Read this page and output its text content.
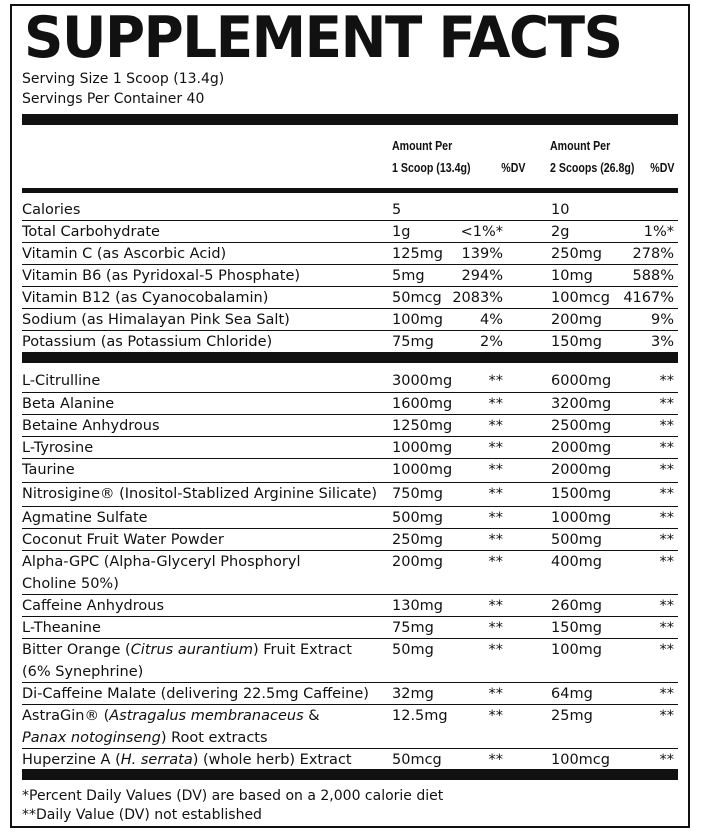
SUPPLEMENT FACTS
Serving Size 1 Scoop (13.4g)
Servings Per Container 40
Amount Per
1 Scoop (13.4g) %DV
Amount Per
2 Scoops (26.8g) %DV
Calories	5	10
Total Carbohydrate	1g	<1%*	2g	1%*
Vitamin C (as Ascorbic Acid)	125mg 139%	250mg 278%
Vitamin B6 (as Pyridoxal-5 Phosphate)	5mg	294%	10mg	588%
Vitamin B12 (as Cyanocobalamin)	50mcg 2083%	100mcg 4167%
Sodium (as Himalayan Pink Sea Salt)	100mg	4%	200mg	9%
Potassium (as Potassium Chloride)	75mg	2%	150mg	3%
L-Citrulline	3000mg	**	6000mg	**
Beta Alanine	1600mg	**	3200mg	**
Betaine Anhydrous	1250mg	**	2500mg	**
L-Tyrosine	1000mg	**	2000mg	**
Taurine	1000mg	**	2000mg	**
Nitrosigine® (Inositol-Stablized Arginine Silicate)	750mg	**	1500mg	**
Agmatine Sulfate	500mg	**	1000mg	**
Coconut Fruit Water Powder	250mg	**	500mg	**
Alpha-GPC (Alpha-Glyceryl Phosphoryl
Choline 50%)
200mg	**	400mg	**
Caffeine Anhydrous	130mg	**	260mg	**
L-Theanine	75mg	**	150mg	**
Bitter Orange (Citrus aurantium) Fruit Extract
(6% Synephrine)
50mg	**	100mg	**
Di-Caffeine Malate (delivering 22.5mg Caffeine)	32mg	**	64mg	**
AstraGin® (Astragalus membranaceus &
Panax notoginseng) Root extracts
12.5mg	**	25mg	**
Huperzine A (H. serrata) (whole herb) Extract	50mcg	**	100mcg	**
*Percent Daily Values (DV) are based on a 2,000 calorie diet
**Daily Value (DV) not established
